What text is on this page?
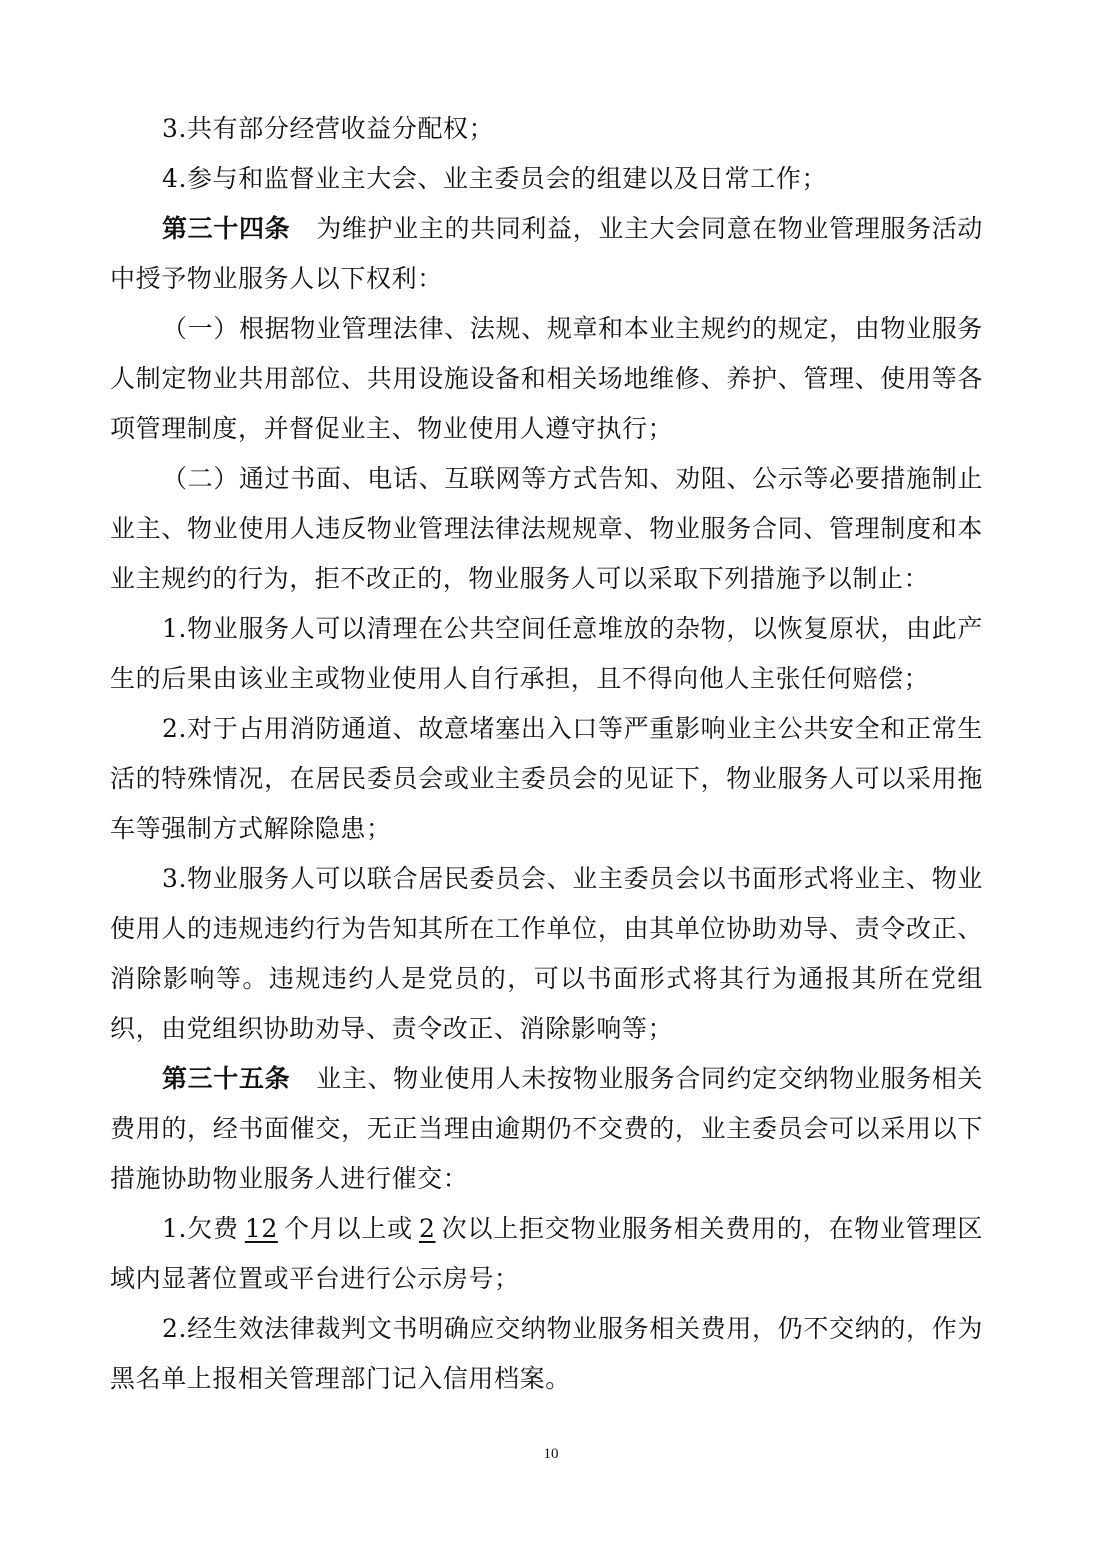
3.共有部分经营收益分配权；

4.参与和监督业主大会、业主委员会的组建以及日常工作；

第三十四条 为维护业主的共同利益，业主大会同意在物业管理服务活动中授予物业服务人以下权利：

（一）根据物业管理法律、法规、规章和本业主规约的规定，由物业服务人制定物业共用部位、共用设施设备和相关场地维修、养护、管理、使用等各项管理制度，并督促业主、物业使用人遵守执行；

（二）通过书面、电话、互联网等方式告知、劝阻、公示等必要措施制止业主、物业使用人违反物业管理法律法规规章、物业服务合同、管理制度和本业主规约的行为，拒不改正的，物业服务人可以采取下列措施予以制止：

1.物业服务人可以清理在公共空间任意堆放的杂物，以恢复原状，由此产生的后果由该业主或物业使用人自行承担，且不得向他人主张任何赔偿；

2.对于占用消防通道、故意堵塞出入口等严重影响业主公共安全和正常生活的特殊情况，在居民委员会或业主委员会的见证下，物业服务人可以采用拖车等强制方式解除隐患；

3.物业服务人可以联合居民委员会、业主委员会以书面形式将业主、物业使用人的违规违约行为告知其所在工作单位，由其单位协助劝导、责令改正、消除影响等。违规违约人是党员的，可以书面形式将其行为通报其所在党组织，由党组织协助劝导、责令改正、消除影响等；

第三十五条 业主、物业使用人未按物业服务合同约定交纳物业服务相关费用的，经书面催交，无正当理由逾期仍不交费的，业主委员会可以采用以下措施协助物业服务人进行催交：

1.欠费 12 个月以上或 2 次以上拒交物业服务相关费用的，在物业管理区域内显著位置或平台进行公示房号；

2.经生效法律裁判文书明确应交纳物业服务相关费用，仍不交纳的，作为黑名单上报相关管理部门记入信用档案。

10
